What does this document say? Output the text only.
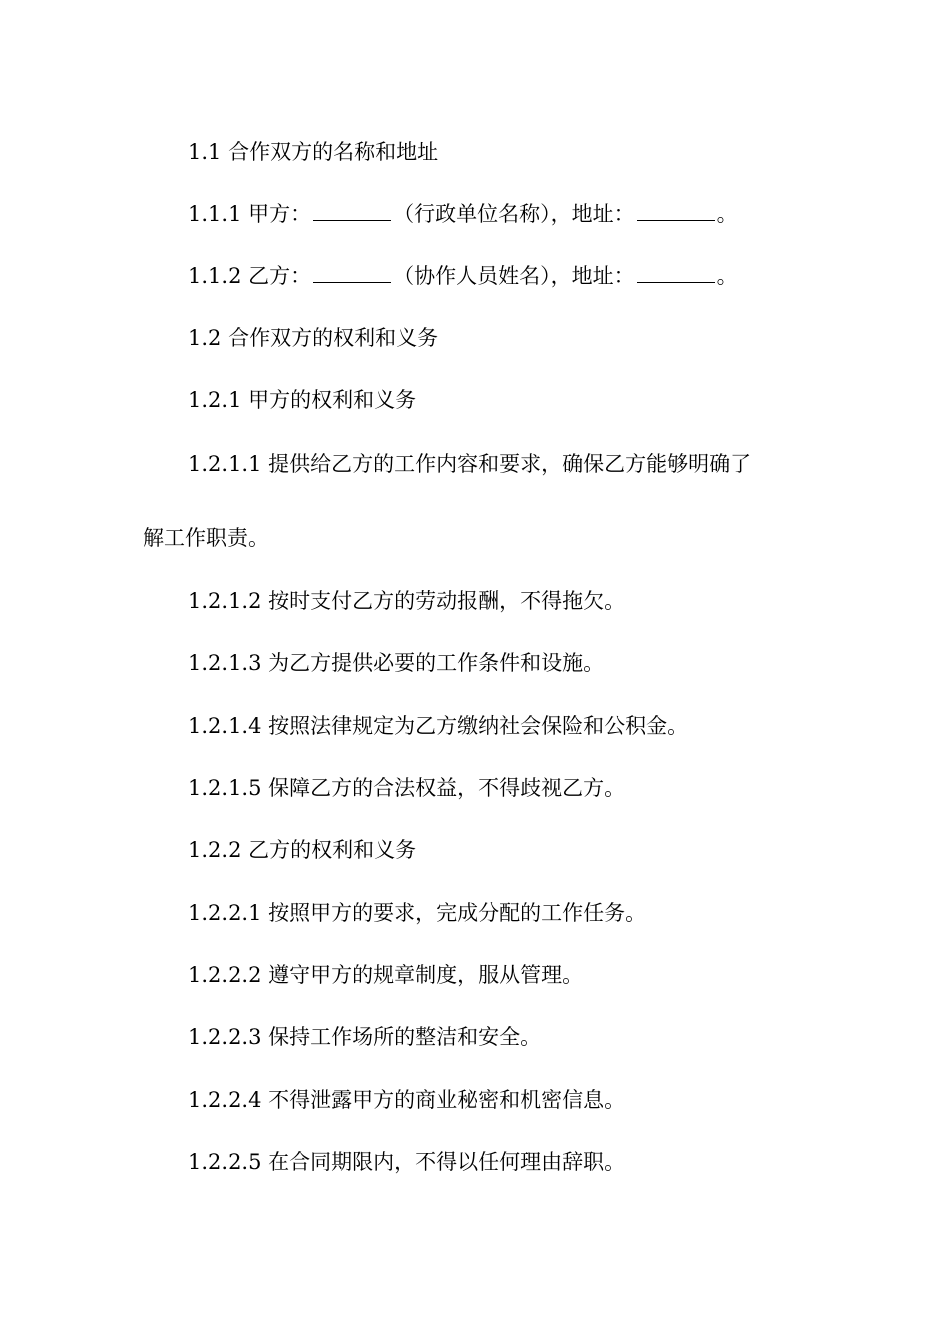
1.1 合作双方的名称和地址
1.1.1 甲方：	（行政单位名称），地址：	。
1.1.2 乙方：	（协作人员姓名），地址：	。
1.2 合作双方的权利和义务
1.2.1 甲方的权利和义务
1.2.1.1 提供给乙方的工作内容和要求，确保乙方能够明确了
解工作职责。
1.2.1.2 按时支付乙方的劳动报酬，不得拖欠。
1.2.1.3 为乙方提供必要的工作条件和设施。
1.2.1.4 按照法律规定为乙方缴纳社会保险和公积金。
1.2.1.5 保障乙方的合法权益，不得歧视乙方。
1.2.2 乙方的权利和义务
1.2.2.1 按照甲方的要求，完成分配的工作任务。
1.2.2.2 遵守甲方的规章制度，服从管理。
1.2.2.3 保持工作场所的整洁和安全。
1.2.2.4 不得泄露甲方的商业秘密和机密信息。
1.2.2.5 在合同期限内，不得以任何理由辞职。
